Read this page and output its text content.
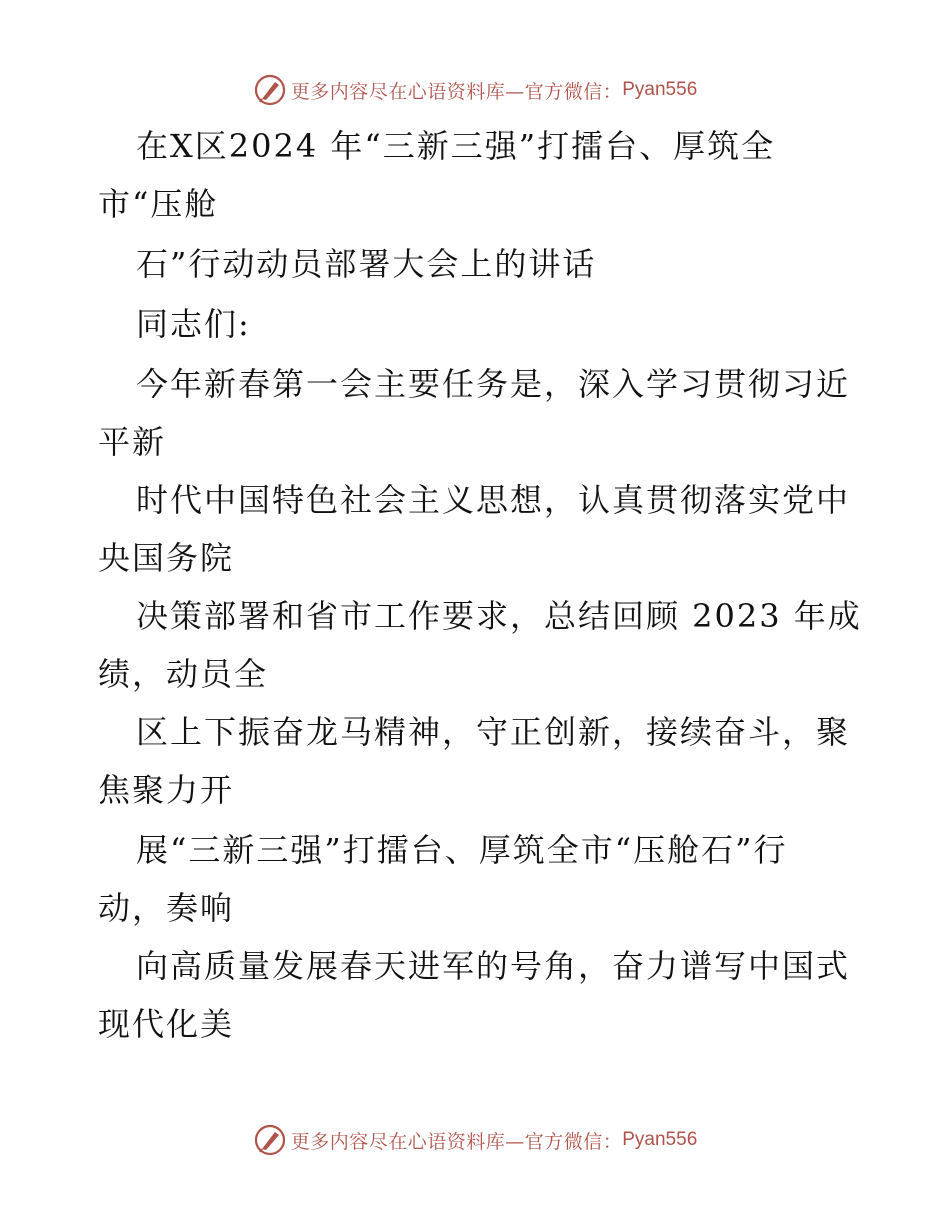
更多内容尽在心语资料库—官方微信： Pyan556
在X区2024 年“三新三强”打擂台、厚筑全
市“压舱
石”行动动员部署大会上的讲话
同志们:
今年新春第一会主要任务是，深入学习贯彻习近
平新
时代中国特色社会主义思想，认真贯彻落实党中
央国务院
决策部署和省市工作要求，总结回顾 2023 年成
绩，动员全
区上下振奋龙马精神，守正创新，接续奋斗，聚
焦聚力开
展“三新三强”打擂台、厚筑全市“压舱石”行
动，奏响
向高质量发展春天进军的号角，奋力谱写中国式
现代化美
更多内容尽在心语资料库—官方微信： Pyan556
